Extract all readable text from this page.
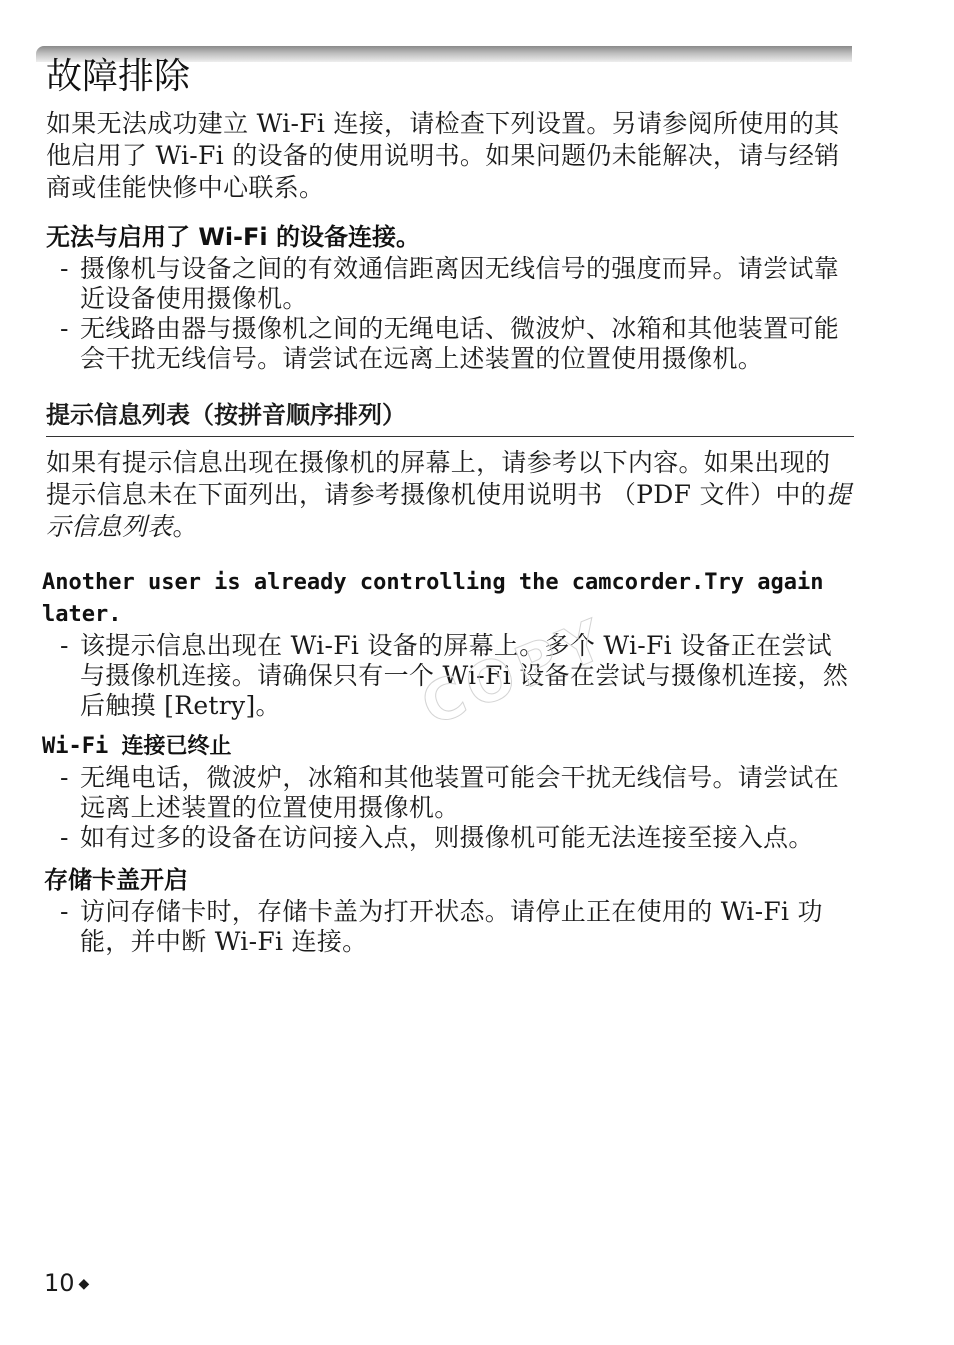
故障排除

如果无法成功建立 Wi-Fi 连接，请检查下列设置。另请参阅所使用的其他启用了 Wi-Fi 的设备的使用说明书。如果问题仍未能解决，请与经销商或佳能快修中心联系。

无法与启用了 Wi-Fi 的设备连接。
- 摄像机与设备之间的有效通信距离因无线信号的强度而异。请尝试靠近设备使用摄像机。
- 无线路由器与摄像机之间的无绳电话、微波炉、冰箱和其他装置可能会干扰无线信号。请尝试在远离上述装置的位置使用摄像机。
提示信息列表（按拼音顺序排列）

如果有提示信息出现在摄像机的屏幕上，请参考以下内容。如果出现的提示信息未在下面列出，请参考摄像机使用说明书 （PDF 文件）中的提示信息列表。

Another user is already controlling the camcorder.Try again later.
- 该提示信息出现在 Wi-Fi 设备的屏幕上。多个 Wi-Fi 设备正在尝试与摄像机连接。请确保只有一个 Wi-Fi 设备在尝试与摄像机连接，然后触摸 [Retry]。
Wi-Fi 连接已终止
- 无绳电话，微波炉，冰箱和其他装置可能会干扰无线信号。请尝试在远离上述装置的位置使用摄像机。
- 如有过多的设备在访问接入点，则摄像机可能无法连接至接入点。
存储卡盖开启
- 访问存储卡时，存储卡盖为打开状态。请停止正在使用的 Wi-Fi 功能，并中断 Wi-Fi 连接。
COPY
10 ◆
